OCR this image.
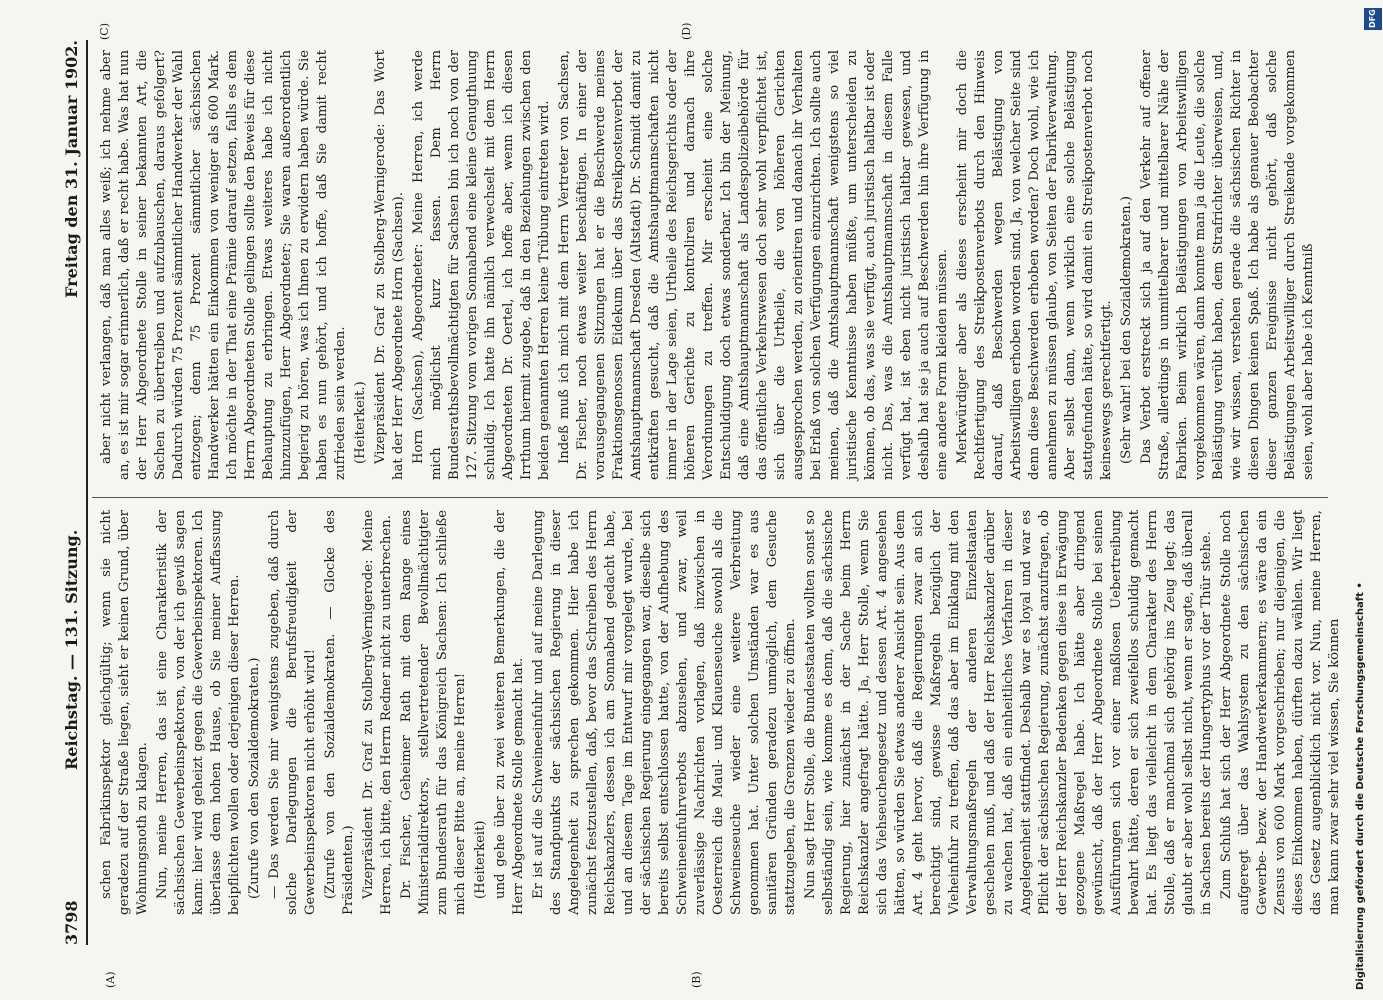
3798
Reichstag. — 131. Sitzung.
Freitag den 31. Januar 1902.
(A)	(B)
(C)	(D)

schen Fabrikinspektor gleichgültig; wenn sie nicht geradezu auf der Straße liegen, sieht er keinen Grund, über Wohnungsnoth zu klagen. Nun, meine Herren, das ist eine Charakteristik der sächsischen Gewerbeinspektoren, von der ich gewiß sagen kann: hier wird geheizt gegen die Gewerbeinspektoren. Ich überlasse dem hohen Hause, ob Sie meiner Auffassung beipflichten wollen oder derjenigen dieser Herren. (Zurufe von den Sozialdemokraten.) — Das werden Sie mir wenigstens zugeben, daß durch solche Darlegungen die Berufsfreudigkeit der Gewerbeinspektoren nicht erhöht wird! (Zurufe von den Sozialdemokraten. — Glocke des Präsidenten.) Vizepräsident Dr. Graf zu Stolberg-Wernigerode: Meine Herren, ich bitte, den Herrn Redner nicht zu unterbrechen. Dr. Fischer, Geheimer Rath mit dem Range eines Ministerialdirektors, stellvertretender Bevollmächtigter zum Bundesrath für das Königreich Sachsen: Ich schließe mich dieser Bitte an, meine Herren! (Heiterkeit) und gehe über zu zwei weiteren Bemerkungen, die der Herr Abgeordnete Stolle gemacht hat. Er ist auf die Schweineeinfuhr und auf meine Darlegung des Standpunkts der sächsischen Regierung in dieser Angelegenheit zu sprechen gekommen. Hier habe ich zunächst festzustellen, daß, bevor das Schreiben des Herrn Reichskanzlers, dessen ich am Sonnabend gedacht habe, und an diesem Tage im Entwurf mir vorgelegt wurde, bei der sächsischen Regierung eingegangen war, dieselbe sich bereits selbst entschlossen hatte, von der Aufhebung des Schweineeinfuhrverbots abzusehen, und zwar, weil zuverlässige Nachrichten vorlagen, daß inzwischen in Oesterreich die Maul- und Klauenseuche sowohl als die Schweineseuche wieder eine weitere Verbreitung genommen hat. Unter solchen Umständen war es aus sanitären Gründen geradezu unmöglich, dem Gesuche stattzugeben, die Grenzen wieder zu öffnen. Nun sagt Herr Stolle, die Bundesstaaten wollten sonst so selbständig sein, wie komme es denn, daß die sächsische Regierung, hier zunächst in der Sache beim Herrn Reichskanzler angefragt hätte. Ja, Herr Stolle, wenn Sie sich das Viehseuchengesetz und dessen Art. 4 angesehen hätten, so würden Sie etwas anderer Ansicht sein. Aus dem Art. 4 geht hervor, daß die Regierungen zwar an sich berechtigt sind, gewisse Maßregeln bezüglich der Vieheinfuhr zu treffen, daß das aber im Einklang mit den Verwaltungsmaßregeln der anderen Einzelstaaten geschehen muß, und daß der Herr Reichskanzler darüber zu wachen hat, daß ein einheitliches Verfahren in dieser Angelegenheit stattfindet. Deshalb war es loyal und war es Pflicht der sächsischen Regierung, zunächst anzufragen, ob der Herr Reichskanzler Bedenken gegen diese in Erwägung gezogene Maßregel habe. Ich hätte aber dringend gewünscht, daß der Herr Abgeordnete Stolle bei seinen Ausführungen sich vor einer maßlosen Uebertreibung bewahrt hätte, deren er sich zweifellos schuldig gemacht hat. Es liegt das vielleicht in dem Charakter des Herrn Stolle, daß er manchmal sich gehörig ins Zeug legt; das glaubt er aber wohl selbst nicht, wenn er sagte, daß überall in Sachsen bereits der Hungertyphus vor der Thür stehe. Zum Schluß hat sich der Herr Abgeordnete Stolle noch aufgeregt über das Wahlsystem zu den sächsischen Gewerbe- bezw. der Handwerkerkammern; es wäre da ein Zensus von 600 Mark vorgeschrieben; nur diejenigen, die dieses Einkommen haben, dürften dazu wählen. Wir liegt das Gesetz augenblicklich nicht vor. Nun, meine Herren, man kann zwar sehr viel wissen, Sie können

aber nicht verlangen, daß man alles weiß; ich nehme aber an, es ist mir sogar erinnerlich, daß er recht habe. Was hat nun der Herr Abgeordnete Stolle in seiner bekannten Art, die Sachen zu übertreiben und aufzubauschen, daraus gefolgert? Dadurch würden 75 Prozent sämmtlicher Handwerker der Wahl entzogen; denn 75 Prozent sämmtlicher sächsischen Handwerker hätten ein Einkommen von weniger als 600 Mark. Ich möchte in der That eine Prämie darauf setzen, falls es dem Herrn Abgeordneten Stolle gelingen sollte den Beweis für diese Behauptung zu erbringen. Etwas weiteres habe ich nicht hinzuzufügen, Herr Abgeordneter; Sie waren außerordentlich begierig zu hören, was ich Ihnen zu erwidern haben würde. Sie haben es nun gehört, und ich hoffe, daß Sie damit recht zufrieden sein werden. (Heiterkeit.) Vizepräsident Dr. Graf zu Stolberg-Wernigerode: Das Wort hat der Herr Abgeordnete Horn (Sachsen). Horn (Sachsen), Abgeordneter: Meine Herren, ich werde mich möglichst kurz fassen. Dem Herrn Bundesrathsbevollmächtigten für Sachsen bin ich noch von der 127. Sitzung vom vorigen Sonnabend eine kleine Genugthuung schuldig. Ich hatte ihn nämlich verwechselt mit dem Herrn Abgeordneten Dr. Oertel, ich hoffe aber, wenn ich diesen Irrthum hiermit zugebe, daß in den Beziehungen zwischen den beiden genannten Herren keine Trübung eintreten wird. Indeß muß ich mich mit dem Herrn Vertreter von Sachsen, Dr. Fischer, noch etwas weiter beschäftigen. In einer der vorausgegangenen Sitzungen hat er die Beschwerde meines Fraktionsgenossen Eidekum über das Streikpostenverbot der Amtshauptmannschaft Dresden (Altstadt) Dr. Schmidt damit zu entkräften gesucht, daß die Amtshauptmannschaften nicht immer in der Lage seien, Urtheile des Reichsgerichts oder der höheren Gerichte zu kontroliren und darnach ihre Verordnungen zu treffen. Mir erscheint eine solche Entschuldigung doch etwas sonderbar. Ich bin der Meinung, daß eine Amtshauptmannschaft als Landespolizeibehörde für das öffentliche Verkehrswesen doch sehr wohl verpflichtet ist, sich über die Urtheile, die von höheren Gerichten ausgesprochen werden, zu orientiren und danach ihr Verhalten bei Erlaß von solchen Verfügungen einzurichten. Ich sollte auch meinen, daß die Amtshauptmannschaft wenigstens so viel juristische Kenntnisse haben müßte, um unterscheiden zu können, ob das, was sie verfügt, auch juristisch haltbar ist oder nicht. Das, was die Amtshauptmannschaft in diesem Falle verfügt hat, ist eben nicht juristisch haltbar gewesen, und deshalb hat sie ja auch auf Beschwerden hin ihre Verfügung in eine andere Form kleiden müssen. Merkwürdiger aber als dieses erscheint mir doch die Rechtfertigung des Streikpostenverbots durch den Hinweis darauf, daß Beschwerden wegen Belästigung von Arbeitswilligen erhoben worden sind. Ja, von welcher Seite sind denn diese Beschwerden erhoben worden? Doch wohl, wie ich annehmen zu müssen glaube, von Seiten der Fabrikverwaltung. Aber selbst dann, wenn wirklich eine solche Belästigung stattgefunden hätte, so wird damit ein Streikpostenverbot noch keineswegs gerechtfertigt. (Sehr wahr! bei den Sozialdemokraten.) Das Verbot erstreckt sich ja auf den Verkehr auf offener Straße, allerdings in unmittelbarer und mittelbarer Nähe der Fabriken. Beim wirklich Belästigungen von Arbeitswilligen vorgekommen wären, dann konnte man ja die Leute, die solche Belästigung verübt haben, dem Strafrichter überweisen, und, wie wir wissen, verstehen gerade die sächsischen Richter in diesen Dingen keinen Spaß. Ich habe als genauer Beobachter dieser ganzen Ereignisse nicht gehört, daß solche Belästigungen Arbeitswilliger durch Streikende vorgekommen seien, wohl aber habe ich Kenntniß

Digitalisierung gefördert durch die Deutsche Forschungsgemeinschaft •
DFG
